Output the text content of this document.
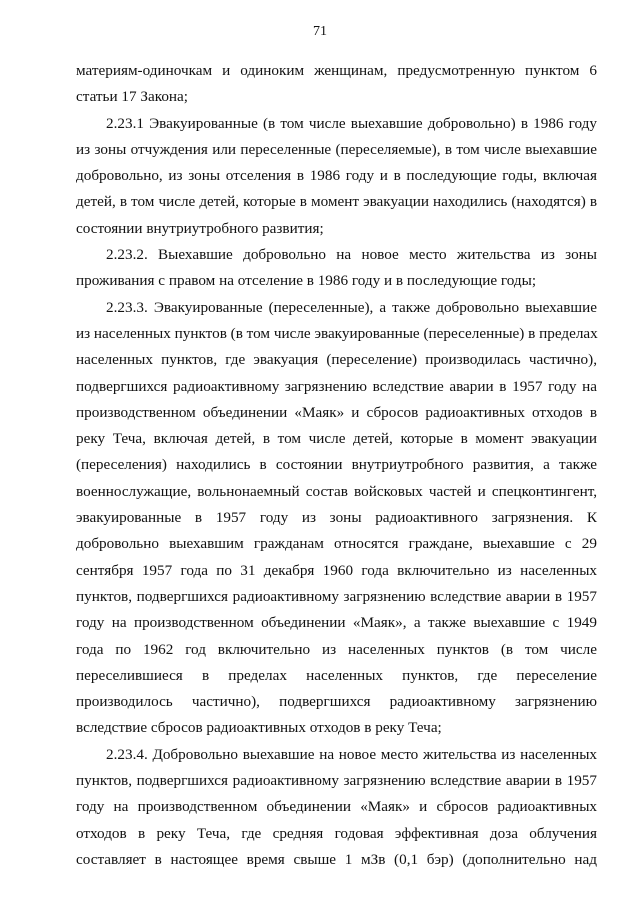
71

материям-одиночкам и одиноким женщинам, предусмотренную пунктом 6

статьи 17 Закона;

2.23.1 Эвакуированные (в том числе выехавшие добровольно) в 1986 году

из зоны отчуждения или переселенные (переселяемые), в том числе выехавшие

добровольно, из зоны отселения в 1986 году и в последующие годы, включая

детей, в том числе детей, которые в момент эвакуации находились (находятся) в

состоянии внутриутробного развития;

2.23.2. Выехавшие добровольно на новое место жительства из зоны

проживания с правом на отселение в 1986 году и в последующие годы;

2.23.3. Эвакуированные (переселенные), а также добровольно выехавшие

из населенных пунктов (в том числе эвакуированные (переселенные) в пределах

населенных пунктов, где эвакуация (переселение) производилась частично),

подвергшихся радиоактивному загрязнению вследствие аварии в 1957 году на

производственном объединении «Маяк» и сбросов радиоактивных отходов в

реку Теча, включая детей, в том числе детей, которые в момент эвакуации

(переселения) находились в состоянии внутриутробного развития, а также

военнослужащие, вольнонаемный состав войсковых частей и спецконтингент,

эвакуированные в 1957 году из зоны радиоактивного загрязнения. К

добровольно выехавшим гражданам относятся граждане, выехавшие с 29

сентября 1957 года по 31 декабря 1960 года включительно из населенных

пунктов, подвергшихся радиоактивному загрязнению вследствие аварии в 1957

году на производственном объединении «Маяк», а также выехавшие с 1949

года по 1962 год включительно из населенных пунктов (в том числе

переселившиеся в пределах населенных пунктов, где переселение

производилось частично), подвергшихся радиоактивному загрязнению

вследствие сбросов радиоактивных отходов в реку Теча;

2.23.4. Добровольно выехавшие на новое место жительства из населенных

пунктов, подвергшихся радиоактивному загрязнению вследствие аварии в 1957

году на производственном объединении «Маяк» и сбросов радиоактивных

отходов в реку Теча, где средняя годовая эффективная доза облучения

составляет в настоящее время свыше 1 мЗв (0,1 бэр) (дополнительно над
